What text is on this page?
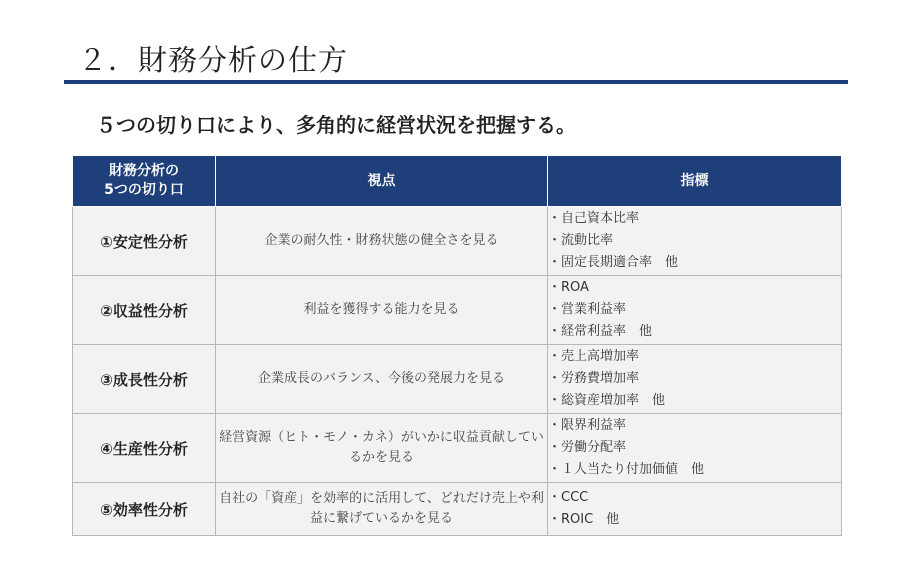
２．財務分析の仕方

５つの切り口により、多角的に経営状況を把握する。

財務分析の
5つの切り口	視点	指標
①安定性分析	企業の耐久性・財務状態の健全さを見る	・自己資本比率
・流動比率
・固定長期適合率　他

②収益性分析	利益を獲得する能力を見る	・ROA
・営業利益率
・経常利益率　他

③成長性分析	企業成長のバランス、今後の発展力を見る	・売上高増加率
・労務費増加率
・総資産増加率　他

④生産性分析	経営資源（ヒト・モノ・カネ）がいかに収益貢献しているかを見る	・限界利益率
・労働分配率
・１人当たり付加価値　他

⑤効率性分析	自社の「資産」を効率的に活用して、どれだけ売上や利益に繋げているかを見る	・CCC
・ROIC　他
